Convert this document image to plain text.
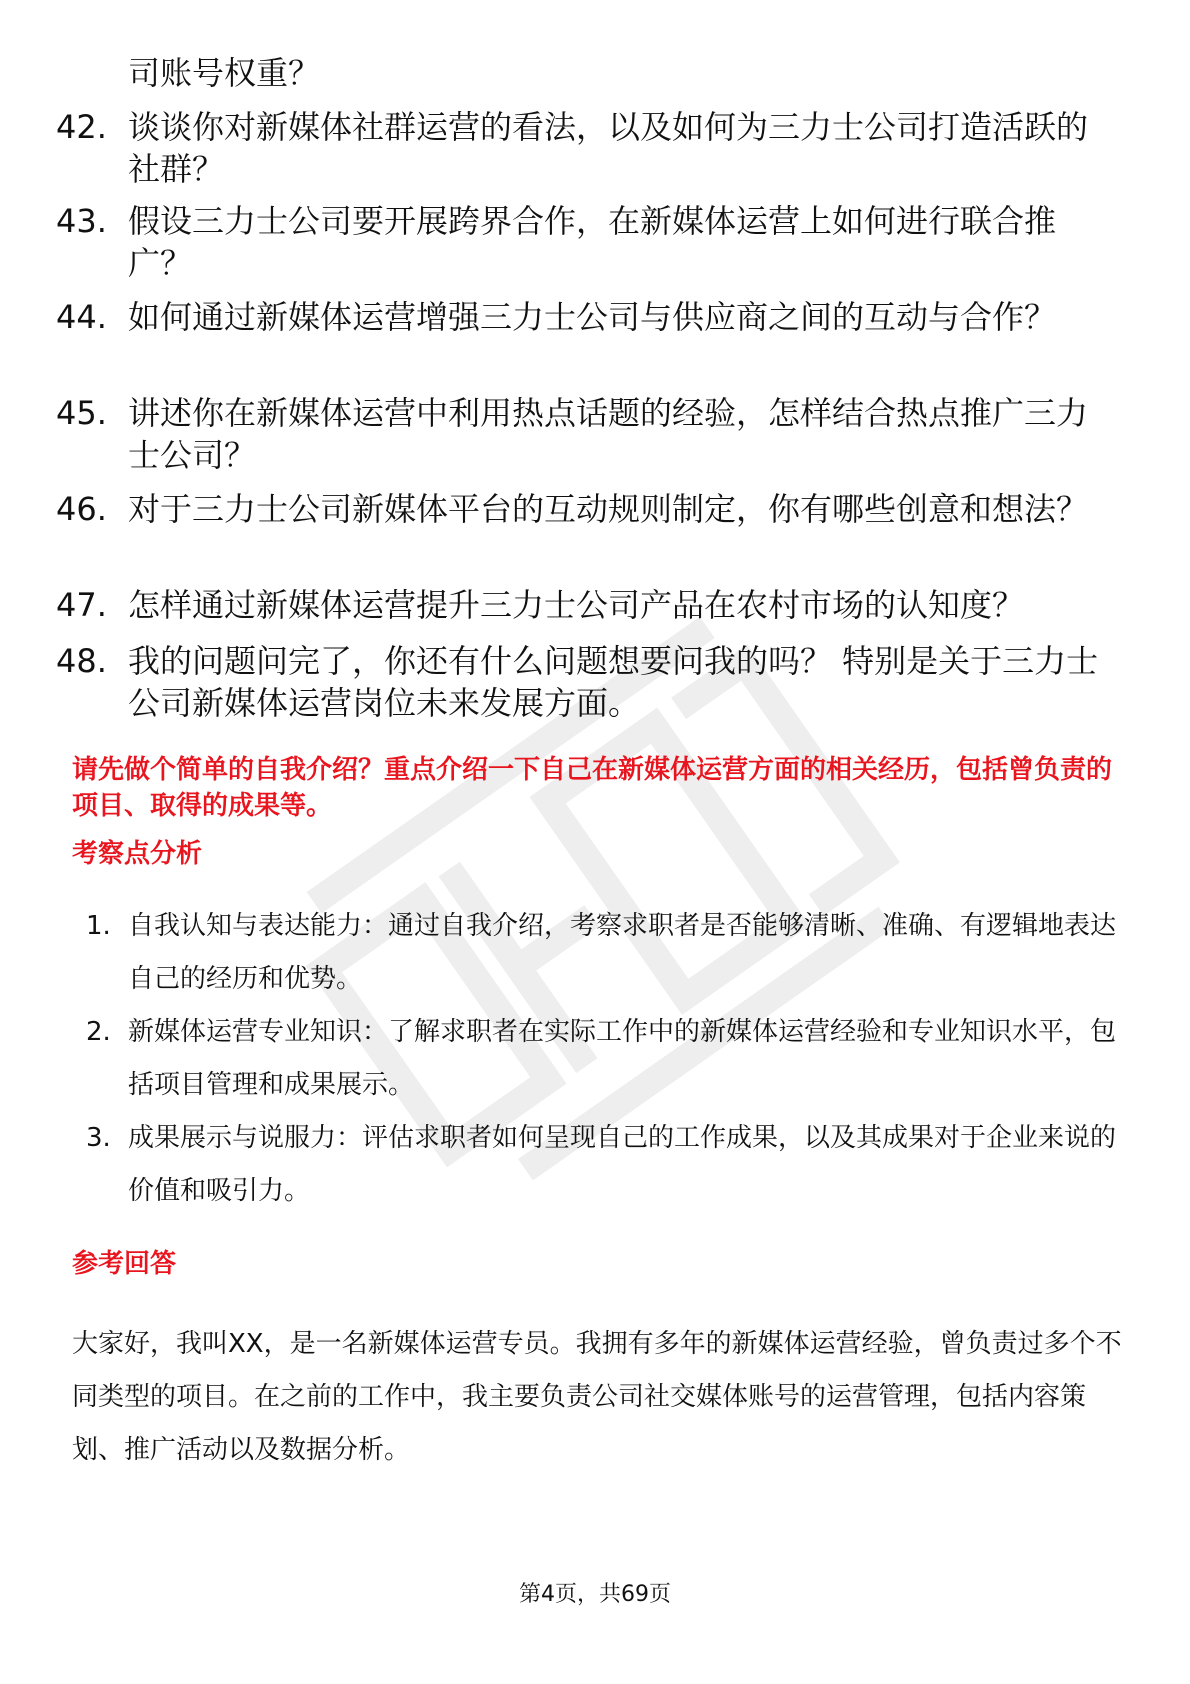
司账号权重？

42. 谈谈你对新媒体社群运营的看法，以及如何为三力士公司打造活跃的社群？
43. 假设三力士公司要开展跨界合作，在新媒体运营上如何进行联合推广？
44. 如何通过新媒体运营增强三力士公司与供应商之间的互动与合作？
45. 讲述你在新媒体运营中利用热点话题的经验，怎样结合热点推广三力士公司？
46. 对于三力士公司新媒体平台的互动规则制定，你有哪些创意和想法？
47. 怎样通过新媒体运营提升三力士公司产品在农村市场的认知度？
48. 我的问题问完了，你还有什么问题想要问我的吗？ 特别是关于三力士公司新媒体运营岗位未来发展方面。

请先做个简单的自我介绍？重点介绍一下自己在新媒体运营方面的相关经历，包括曾负责的项目、取得的成果等。

考察点分析

1. 自我认知与表达能力：通过自我介绍，考察求职者是否能够清晰、准确、有逻辑地表达自己的经历和优势。
2. 新媒体运营专业知识：了解求职者在实际工作中的新媒体运营经验和专业知识水平，包括项目管理和成果展示。
3. 成果展示与说服力：评估求职者如何呈现自己的工作成果，以及其成果对于企业来说的价值和吸引力。

参考回答

大家好，我叫XX，是一名新媒体运营专员。我拥有多年的新媒体运营经验，曾负责过多个不同类型的项目。在之前的工作中，我主要负责公司社交媒体账号的运营管理，包括内容策划、推广活动以及数据分析。

第4页，共69页
